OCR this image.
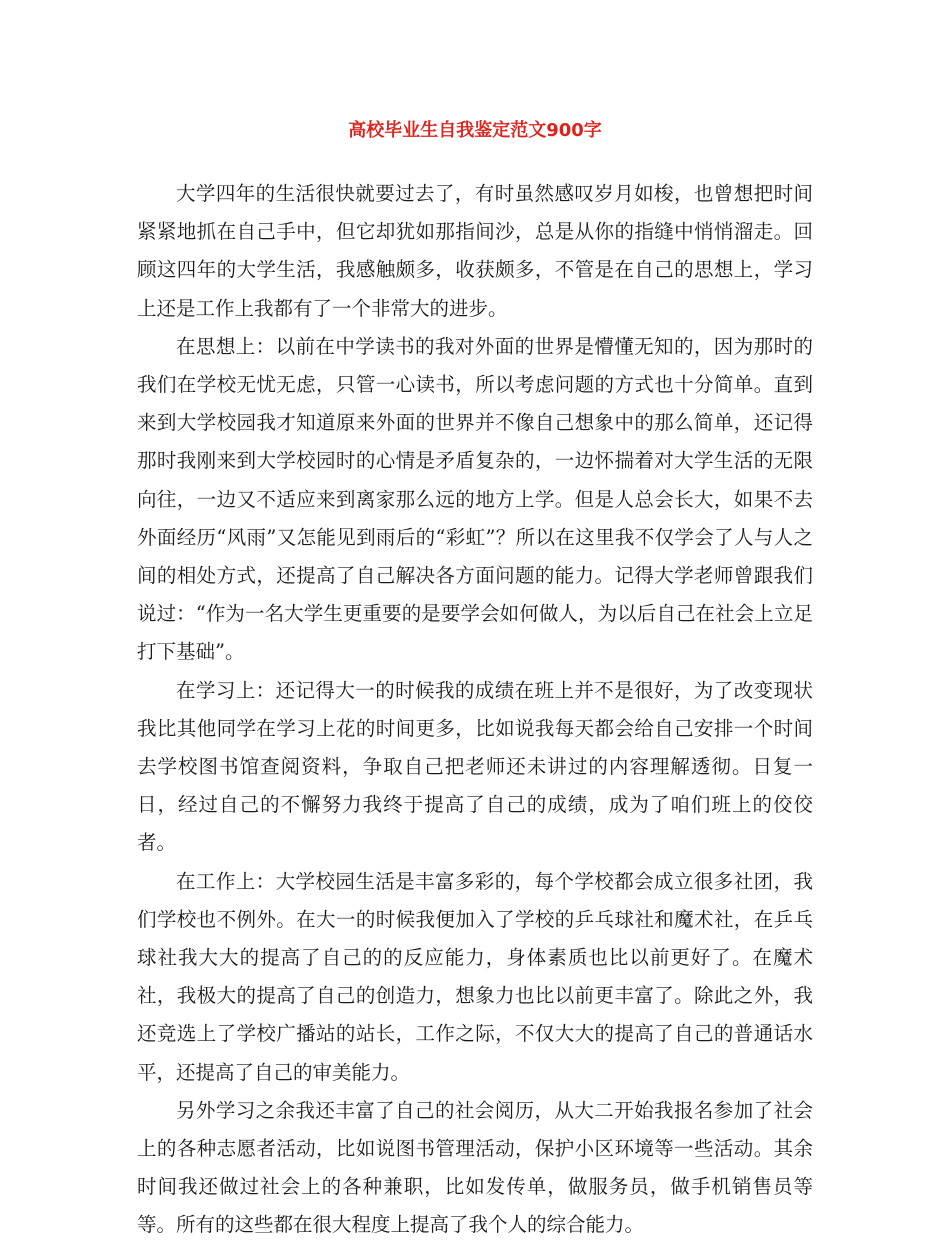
高校毕业生自我鉴定范文900字

大学四年的生活很快就要过去了，有时虽然感叹岁月如梭，也曾想把时间紧紧地抓在自己手中，但它却犹如那指间沙，总是从你的指缝中悄悄溜走。回顾这四年的大学生活，我感触颇多，收获颇多，不管是在自己的思想上，学习上还是工作上我都有了一个非常大的进步。

在思想上：以前在中学读书的我对外面的世界是懵懂无知的，因为那时的我们在学校无忧无虑，只管一心读书，所以考虑问题的方式也十分简单。直到来到大学校园我才知道原来外面的世界并不像自己想象中的那么简单，还记得那时我刚来到大学校园时的心情是矛盾复杂的，一边怀揣着对大学生活的无限向往，一边又不适应来到离家那么远的地方上学。但是人总会长大，如果不去外面经历“风雨”又怎能见到雨后的“彩虹”？所以在这里我不仅学会了人与人之间的相处方式，还提高了自己解决各方面问题的能力。记得大学老师曾跟我们说过：“作为一名大学生更重要的是要学会如何做人，为以后自己在社会上立足打下基础”。

在学习上：还记得大一的时候我的成绩在班上并不是很好，为了改变现状我比其他同学在学习上花的时间更多，比如说我每天都会给自己安排一个时间去学校图书馆查阅资料，争取自己把老师还未讲过的内容理解透彻。日复一日，经过自己的不懈努力我终于提高了自己的成绩，成为了咱们班上的佼佼者。

在工作上：大学校园生活是丰富多彩的，每个学校都会成立很多社团，我们学校也不例外。在大一的时候我便加入了学校的乒乓球社和魔术社，在乒乓球社我大大的提高了自己的的反应能力，身体素质也比以前更好了。在魔术社，我极大的提高了自己的创造力，想象力也比以前更丰富了。除此之外，我还竞选上了学校广播站的站长，工作之际，不仅大大的提高了自己的普通话水平，还提高了自己的审美能力。

另外学习之余我还丰富了自己的社会阅历，从大二开始我报名参加了社会上的各种志愿者活动，比如说图书管理活动，保护小区环境等一些活动。其余时间我还做过社会上的各种兼职，比如发传单，做服务员，做手机销售员等等。所有的这些都在很大程度上提高了我个人的综合能力。
